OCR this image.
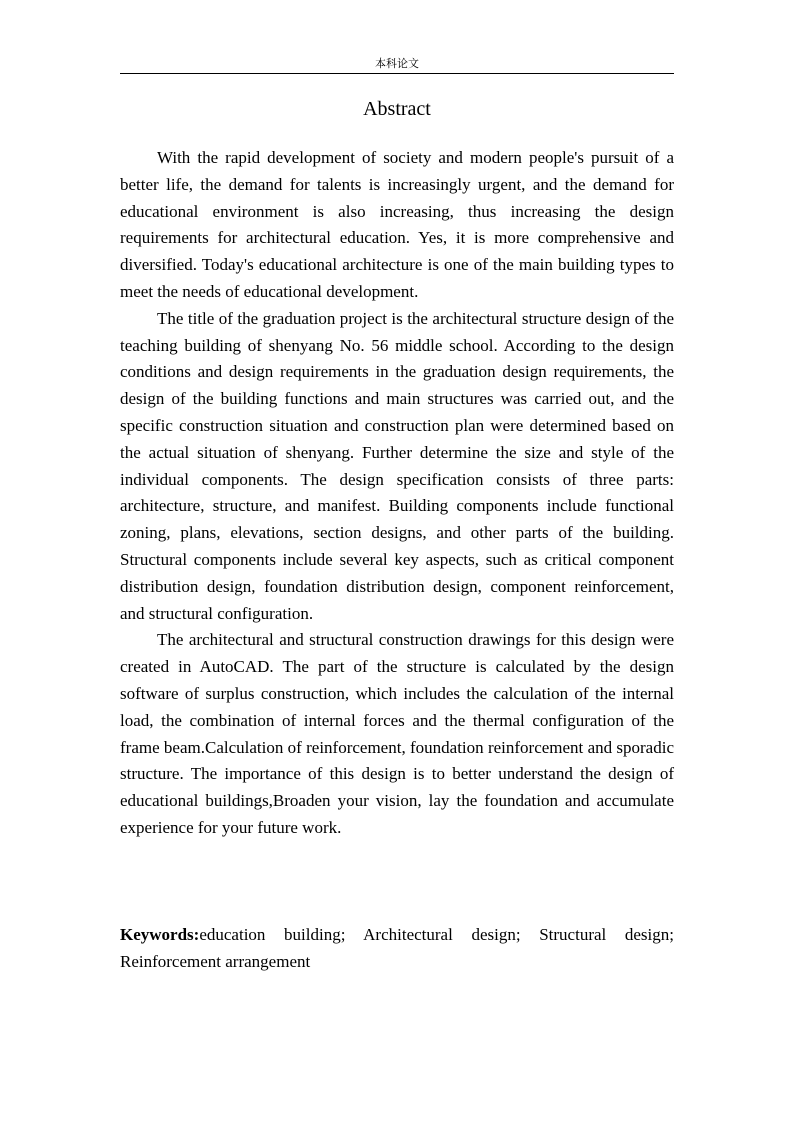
本科论文
Abstract

With the rapid development of society and modern people's pursuit of a better life, the demand for talents is increasingly urgent, and the demand for educational environment is also increasing, thus increasing the design requirements for architectural education. Yes, it is more comprehensive and diversified. Today's educational architecture is one of the main building types to meet the needs of educational development.

The title of the graduation project is the architectural structure design of the teaching building of shenyang No. 56 middle school. According to the design conditions and design requirements in the graduation design requirements, the design of the building functions and main structures was carried out, and the specific construction situation and construction plan were determined based on the actual situation of shenyang. Further determine the size and style of the individual components. The design specification consists of three parts: architecture, structure, and manifest. Building components include functional zoning, plans, elevations, section designs, and other parts of the building. Structural components include several key aspects, such as critical component distribution design, foundation distribution design, component reinforcement, and structural configuration.

The architectural and structural construction drawings for this design were created in AutoCAD. The part of the structure is calculated by the design software of surplus construction, which includes the calculation of the internal load, the combination of internal forces and the thermal configuration of the frame beam.Calculation of reinforcement, foundation reinforcement and sporadic structure. The importance of this design is to better understand the design of educational buildings,Broaden your vision, lay the foundation and accumulate experience for your future work.

Keywords:education building; Architectural design; Structural design; Reinforcement arrangement
